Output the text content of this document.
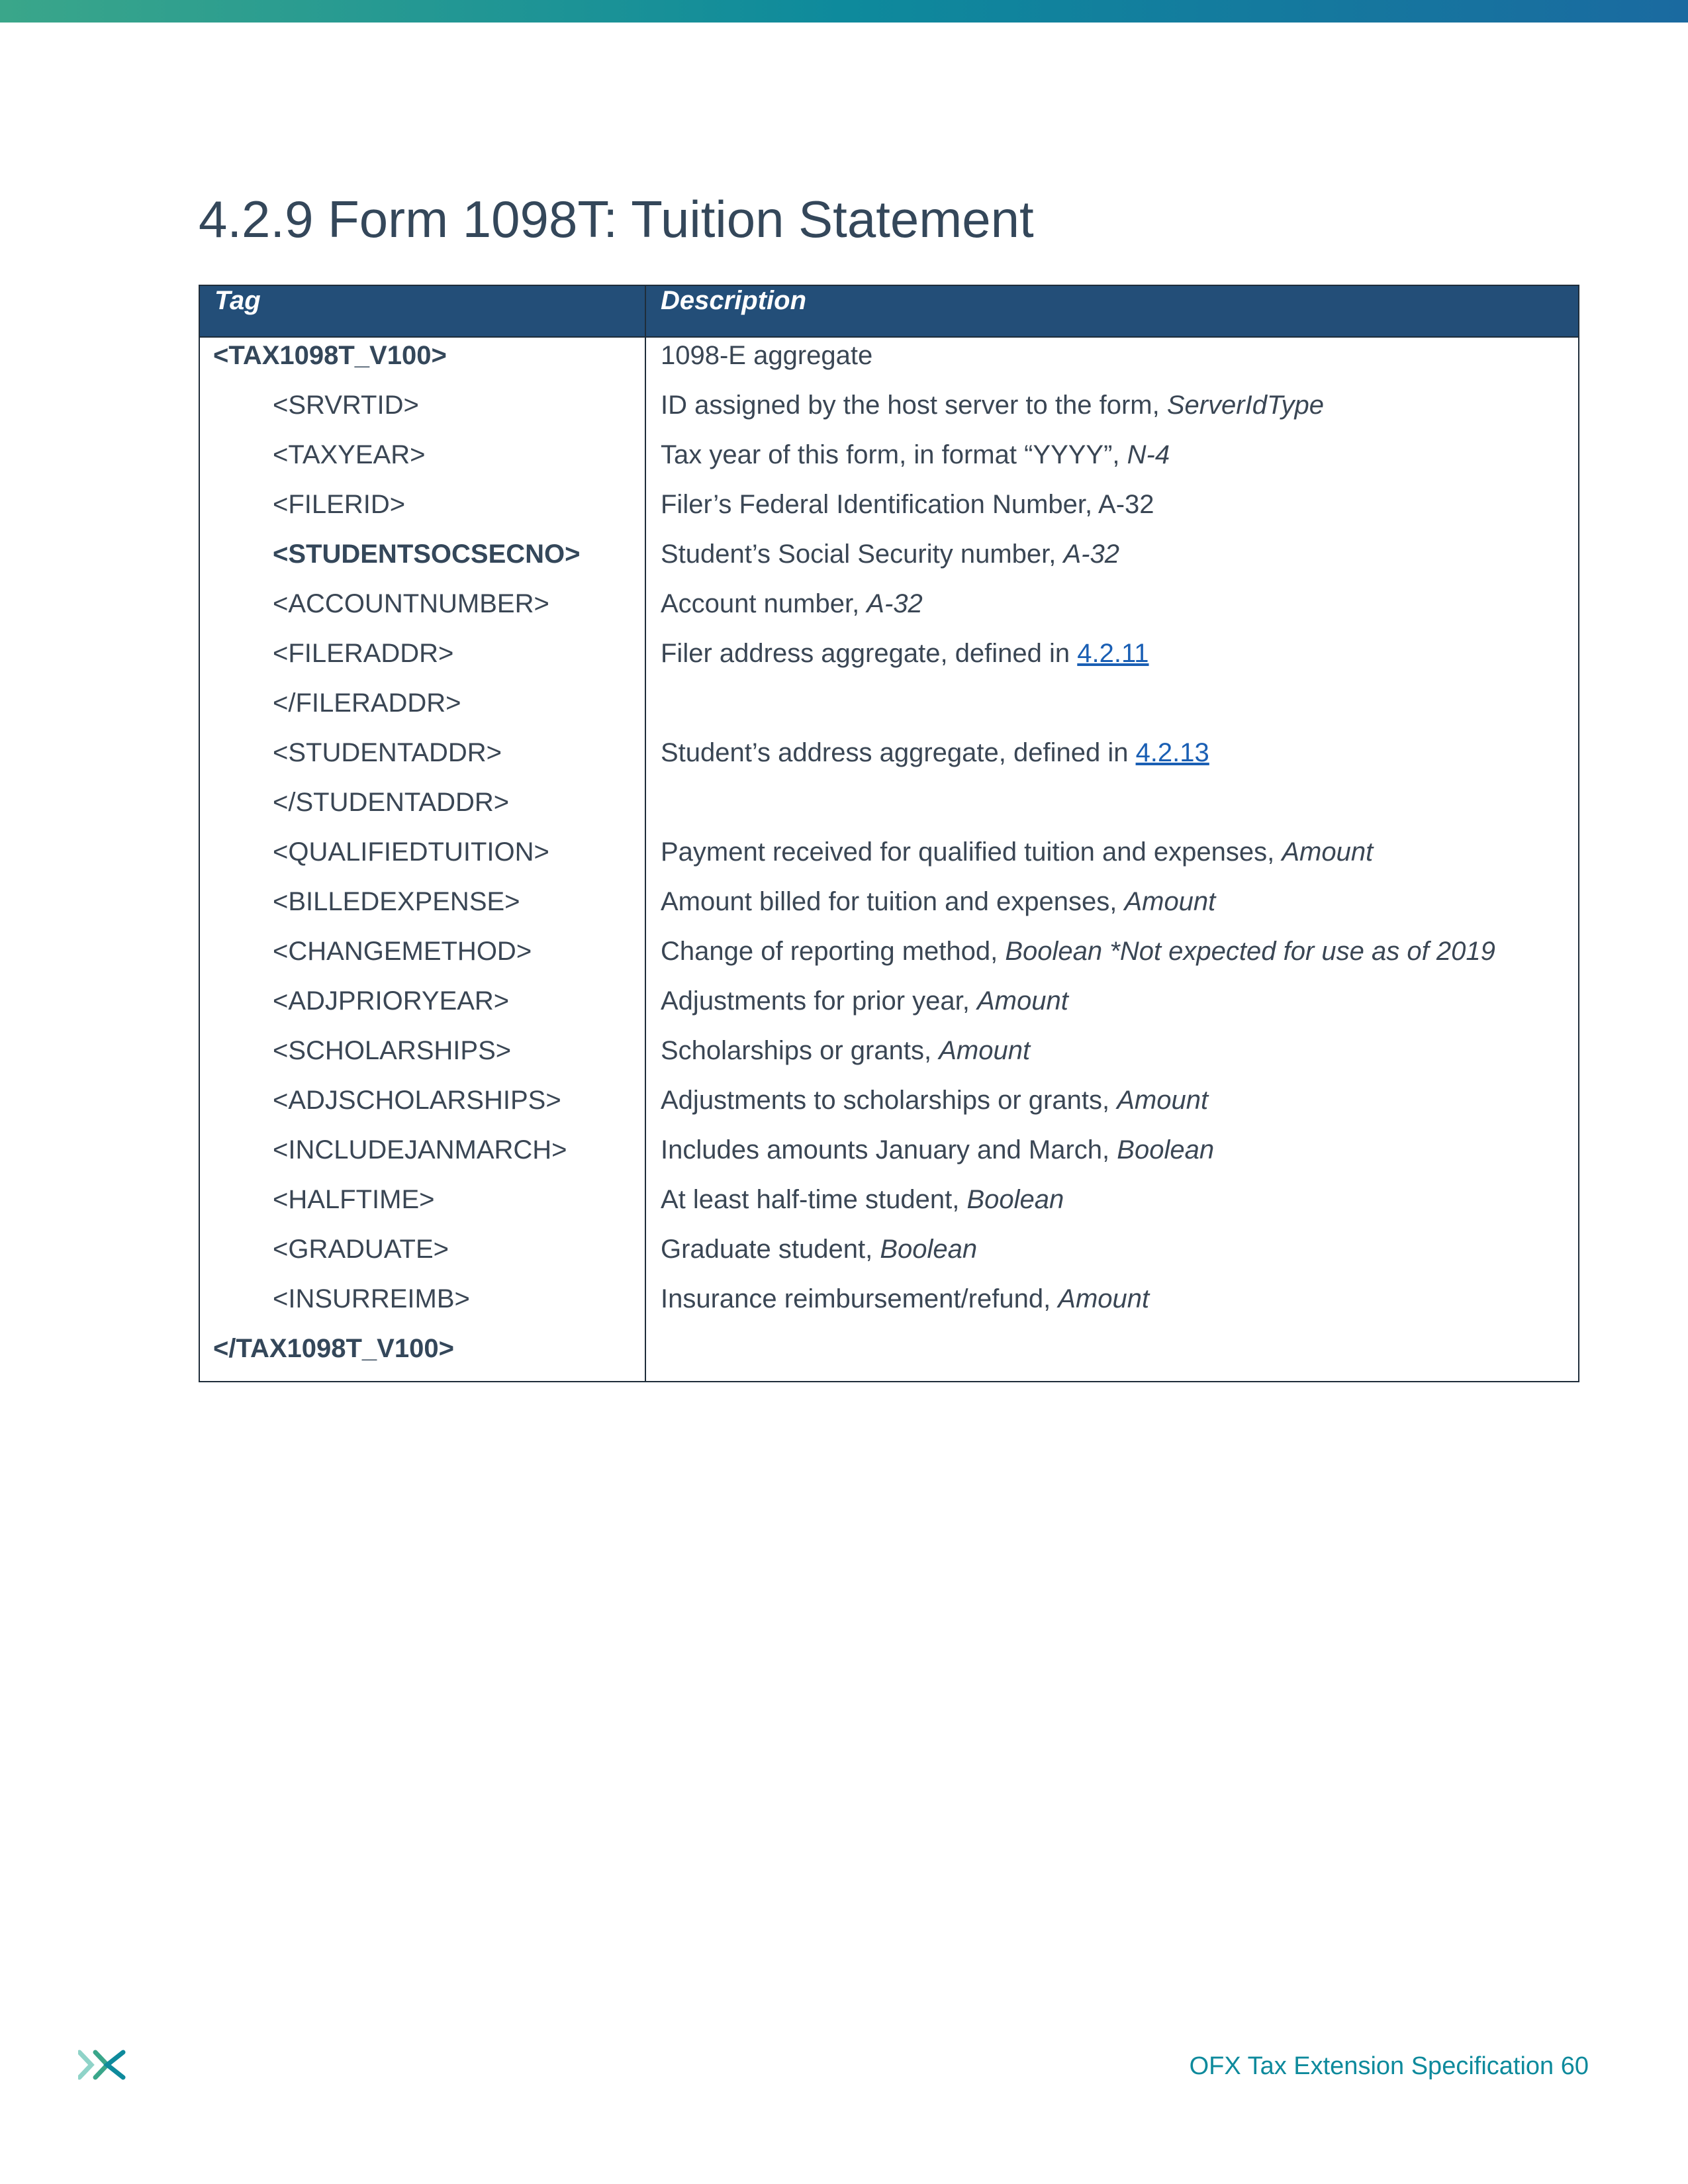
4.2.9 Form 1098T: Tuition Statement
Tag	Description
<TAX1098T_V100>	1098-E aggregate
<SRVRTID>	ID assigned by the host server to the form, ServerIdType
<TAXYEAR>	Tax year of this form, in format “YYYY”, N-4
<FILERID>	Filer’s Federal Identification Number, A-32
<STUDENTSOCSECNO>	Student’s Social Security number, A-32
<ACCOUNTNUMBER>	Account number, A-32
<FILERADDR>	Filer address aggregate, defined in 4.2.11
</FILERADDR>
<STUDENTADDR>	Student’s address aggregate, defined in 4.2.13
</STUDENTADDR>
<QUALIFIEDTUITION>	Payment received for qualified tuition and expenses, Amount
<BILLEDEXPENSE>	Amount billed for tuition and expenses, Amount
<CHANGEMETHOD>	Change of reporting method, Boolean *Not expected for use as of 2019
<ADJPRIORYEAR>	Adjustments for prior year, Amount
<SCHOLARSHIPS>	Scholarships or grants, Amount
<ADJSCHOLARSHIPS>	Adjustments to scholarships or grants, Amount
<INCLUDEJANMARCH>	Includes amounts January and March, Boolean
<HALFTIME>	At least half-time student, Boolean
<GRADUATE>	Graduate student, Boolean
<INSURREIMB>	Insurance reimbursement/refund, Amount
</TAX1098T_V100>
OFX Tax Extension Specification 60
